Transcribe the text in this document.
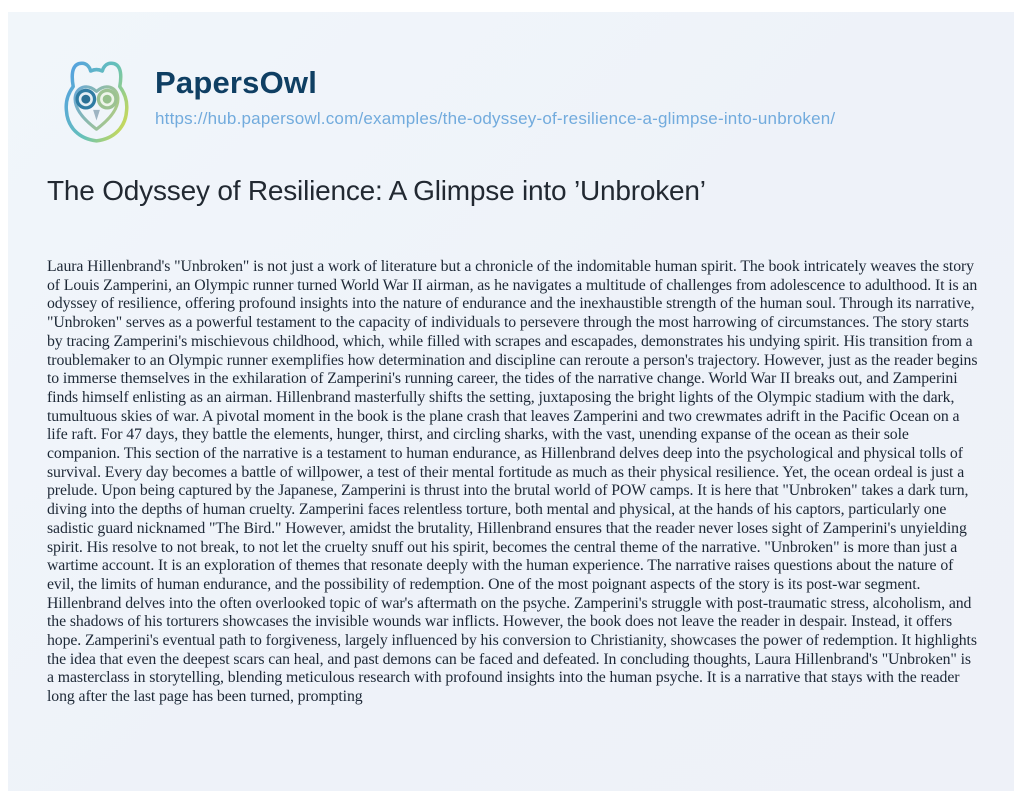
PapersOwl
https://hub.papersowl.com/examples/the-odyssey-of-resilience-a-glimpse-into-unbroken/
The Odyssey of Resilience: A Glimpse into ’Unbroken’

Laura Hillenbrand's "Unbroken" is not just a work of literature but a chronicle of the indomitable human spirit. The book intricately weaves the story of Louis Zamperini, an Olympic runner turned World War II airman, as he navigates a multitude of challenges from adolescence to adulthood. It is an odyssey of resilience, offering profound insights into the nature of endurance and the inexhaustible strength of the human soul. Through its narrative, "Unbroken" serves as a powerful testament to the capacity of individuals to persevere through the most harrowing of circumstances. The story starts by tracing Zamperini's mischievous childhood, which, while filled with scrapes and escapades, demonstrates his undying spirit. His transition from a troublemaker to an Olympic runner exemplifies how determination and discipline can reroute a person's trajectory. However, just as the reader begins to immerse themselves in the exhilaration of Zamperini's running career, the tides of the narrative change. World War II breaks out, and Zamperini finds himself enlisting as an airman. Hillenbrand masterfully shifts the setting, juxtaposing the bright lights of the Olympic stadium with the dark, tumultuous skies of war. A pivotal moment in the book is the plane crash that leaves Zamperini and two crewmates adrift in the Pacific Ocean on a life raft. For 47 days, they battle the elements, hunger, thirst, and circling sharks, with the vast, unending expanse of the ocean as their sole companion. This section of the narrative is a testament to human endurance, as Hillenbrand delves deep into the psychological and physical tolls of survival. Every day becomes a battle of willpower, a test of their mental fortitude as much as their physical resilience. Yet, the ocean ordeal is just a prelude. Upon being captured by the Japanese, Zamperini is thrust into the brutal world of POW camps. It is here that "Unbroken" takes a dark turn, diving into the depths of human cruelty. Zamperini faces relentless torture, both mental and physical, at the hands of his captors, particularly one sadistic guard nicknamed "The Bird." However, amidst the brutality, Hillenbrand ensures that the reader never loses sight of Zamperini's unyielding spirit. His resolve to not break, to not let the cruelty snuff out his spirit, becomes the central theme of the narrative. "Unbroken" is more than just a wartime account. It is an exploration of themes that resonate deeply with the human experience. The narrative raises questions about the nature of evil, the limits of human endurance, and the possibility of redemption. One of the most poignant aspects of the story is its post-war segment. Hillenbrand delves into the often overlooked topic of war's aftermath on the psyche. Zamperini's struggle with post-traumatic stress, alcoholism, and the shadows of his torturers showcases the invisible wounds war inflicts. However, the book does not leave the reader in despair. Instead, it offers hope. Zamperini's eventual path to forgiveness, largely influenced by his conversion to Christianity, showcases the power of redemption. It highlights the idea that even the deepest scars can heal, and past demons can be faced and defeated. In concluding thoughts, Laura Hillenbrand's "Unbroken" is a masterclass in storytelling, blending meticulous research with profound insights into the human psyche. It is a narrative that stays with the reader long after the last page has been turned, prompting
